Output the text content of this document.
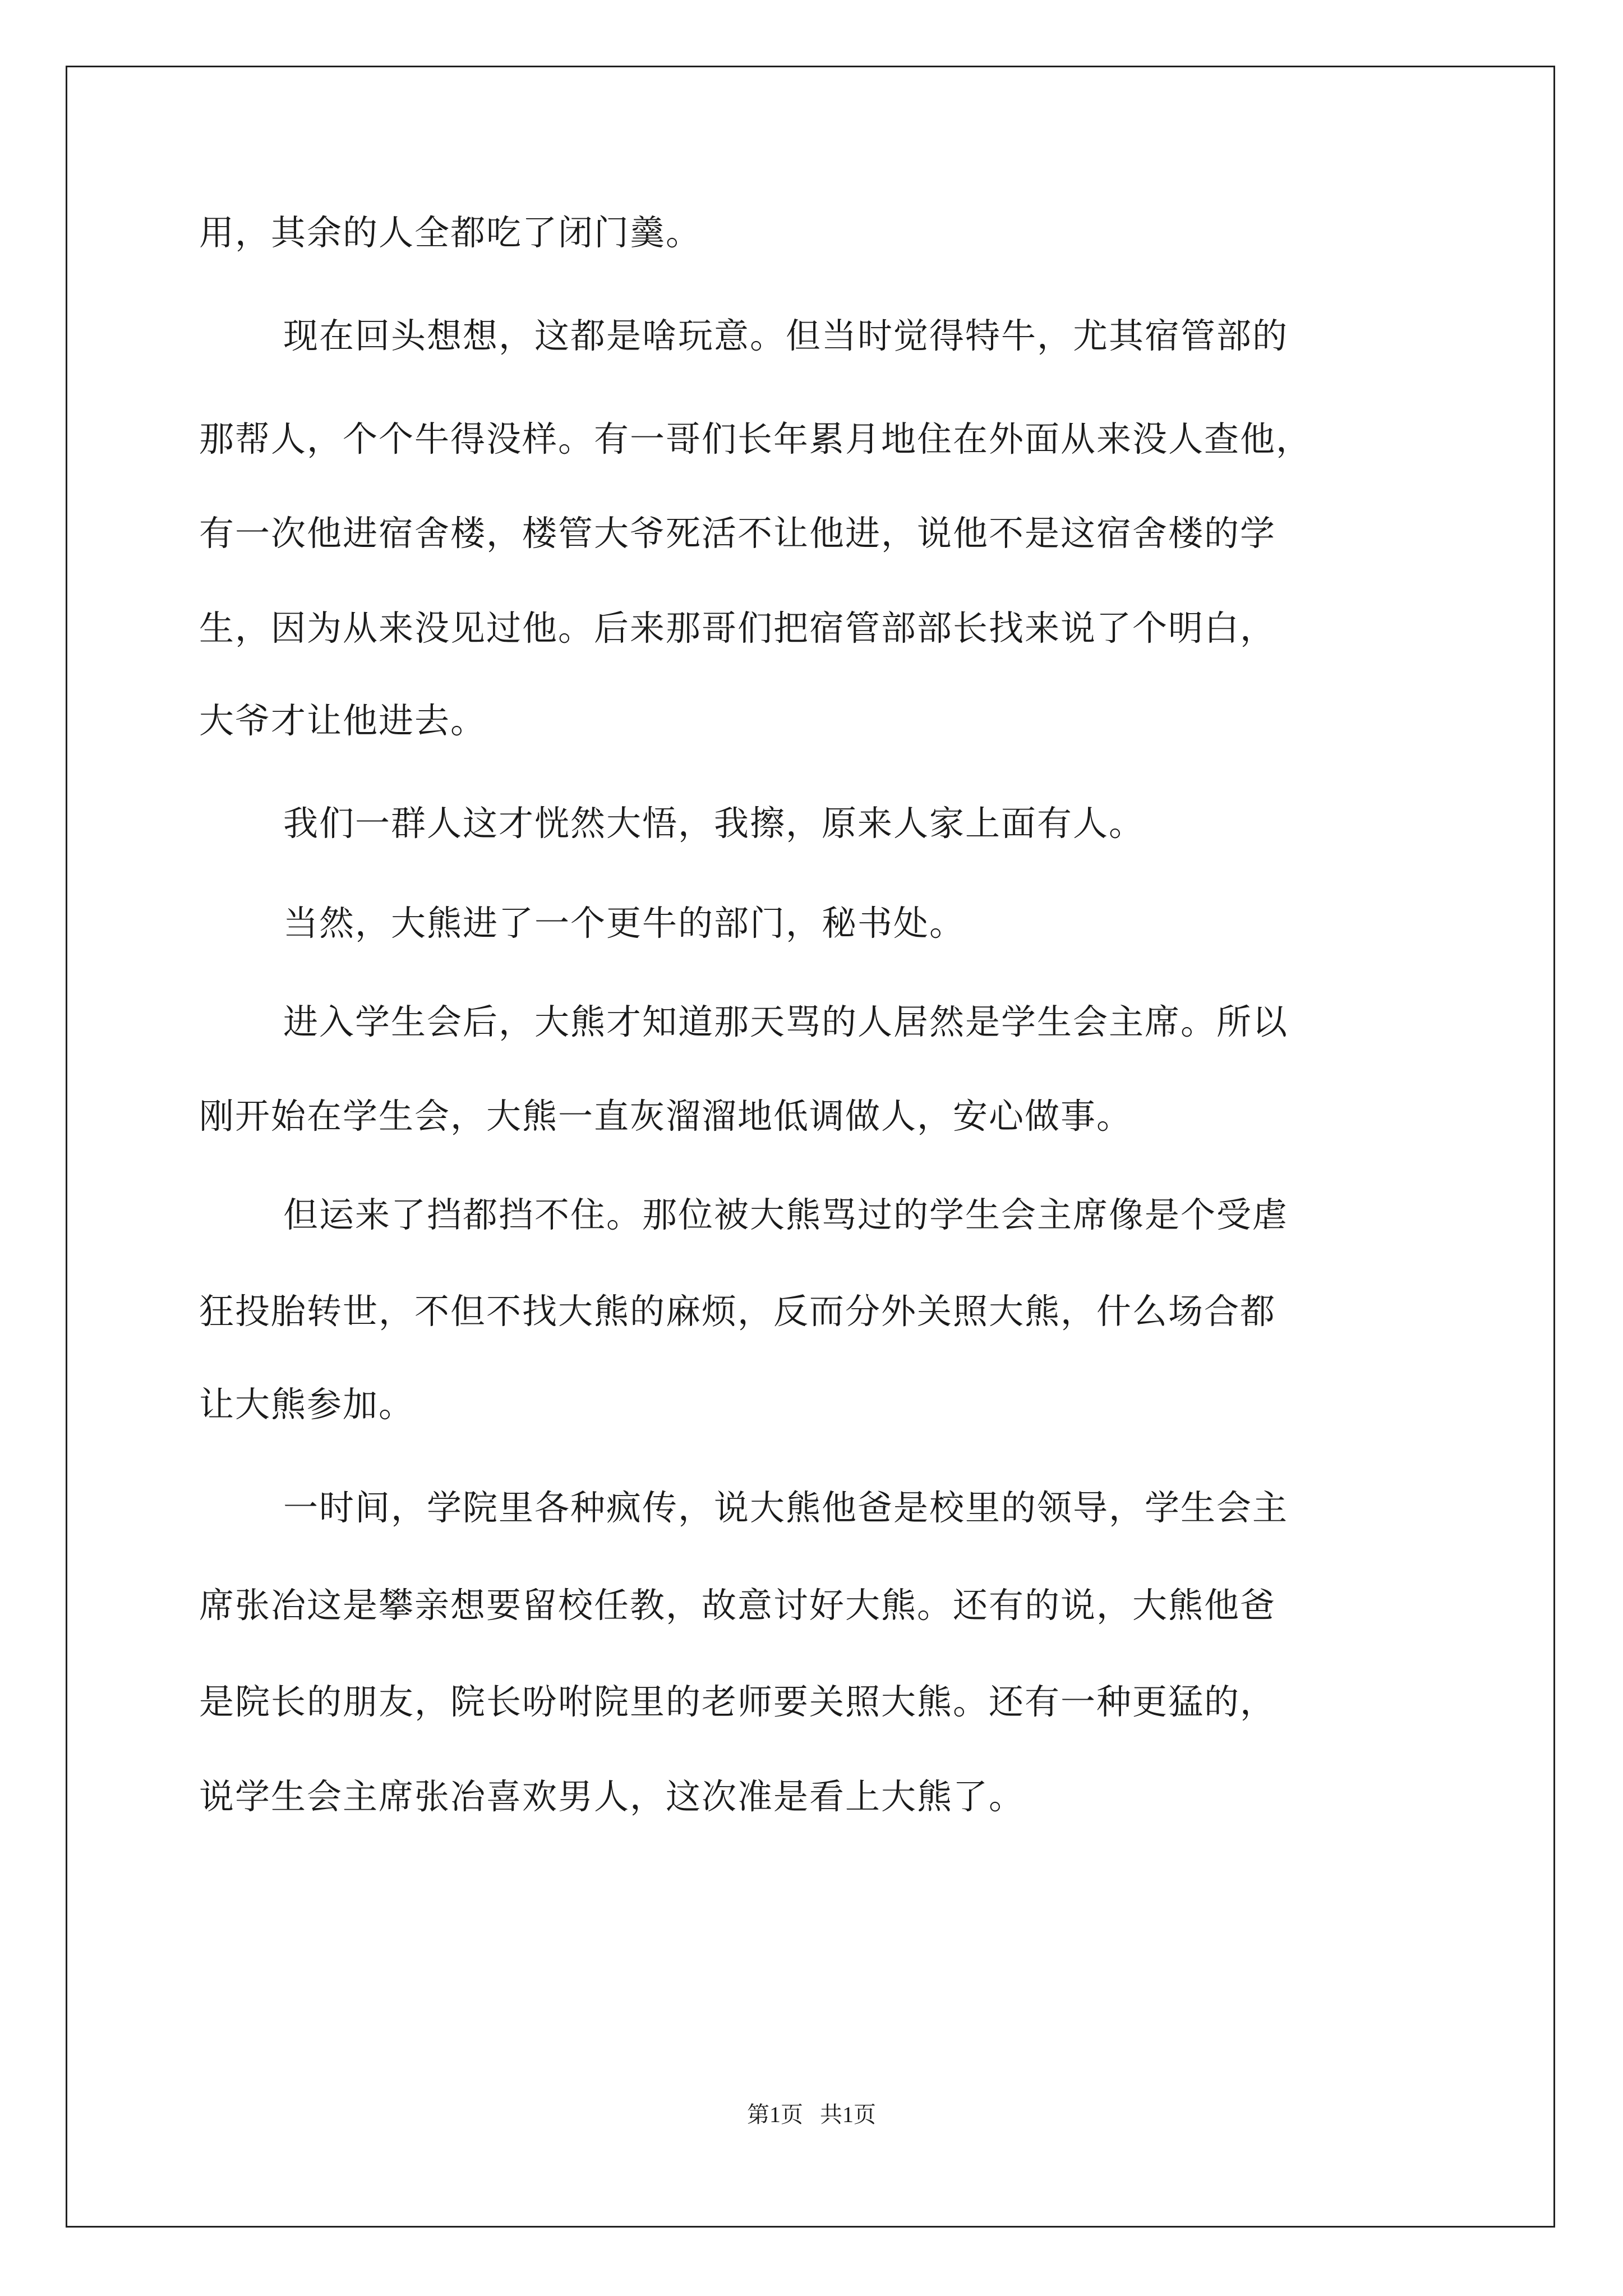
用，其余的人全都吃了闭门羹。
现在回头想想，这都是啥玩意。但当时觉得特牛，尤其宿管部的
那帮人，个个牛得没样。有一哥们长年累月地住在外面从来没人查他，
有一次他进宿舍楼，楼管大爷死活不让他进，说他不是这宿舍楼的学
生，因为从来没见过他。后来那哥们把宿管部部长找来说了个明白，
大爷才让他进去。
我们一群人这才恍然大悟，我擦，原来人家上面有人。
当然，大熊进了一个更牛的部门，秘书处。
进入学生会后，大熊才知道那天骂的人居然是学生会主席。所以
刚开始在学生会，大熊一直灰溜溜地低调做人，安心做事。
但运来了挡都挡不住。那位被大熊骂过的学生会主席像是个受虐
狂投胎转世，不但不找大熊的麻烦，反而分外关照大熊，什么场合都
让大熊参加。
一时间，学院里各种疯传，说大熊他爸是校里的领导，学生会主
席张冶这是攀亲想要留校任教，故意讨好大熊。还有的说，大熊他爸
是院长的朋友，院长吩咐院里的老师要关照大熊。还有一种更猛的，
说学生会主席张冶喜欢男人，这次准是看上大熊了。
第1页   共1页
